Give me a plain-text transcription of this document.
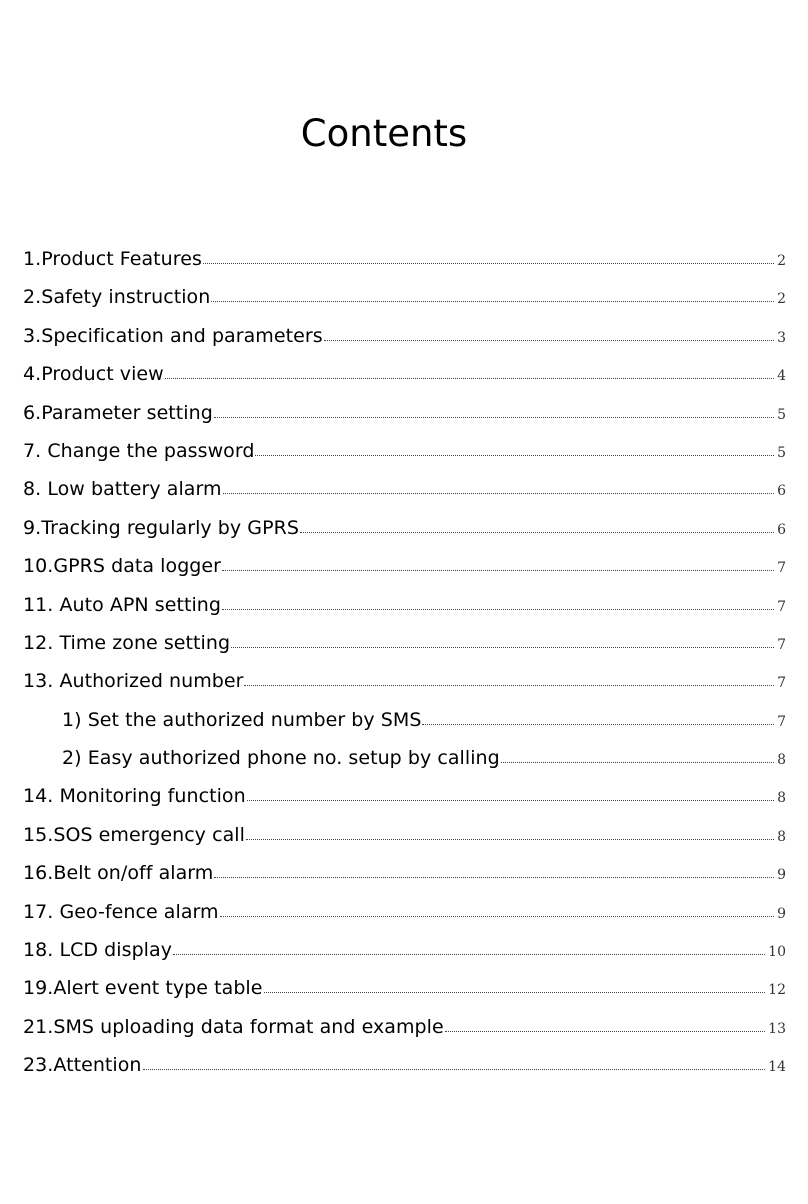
Contents
1.Product Features	2
2.Safety instruction	2
3.Specification and parameters	3
4.Product view	4
6.Parameter setting	5
7. Change the password	5
8. Low battery alarm	6
9.Tracking regularly by GPRS	6
10.GPRS data logger	7
11. Auto APN setting	7
12. Time zone setting	7
13. Authorized number	7
1) Set the authorized number by SMS	7
2) Easy authorized phone no. setup by calling	8
14. Monitoring function	8
15.SOS emergency call	8
16.Belt on/off alarm	9
17. Geo-fence alarm	9
18. LCD display	10
19.Alert event type table	12
21.SMS uploading data format and example	13
23.Attention	14
